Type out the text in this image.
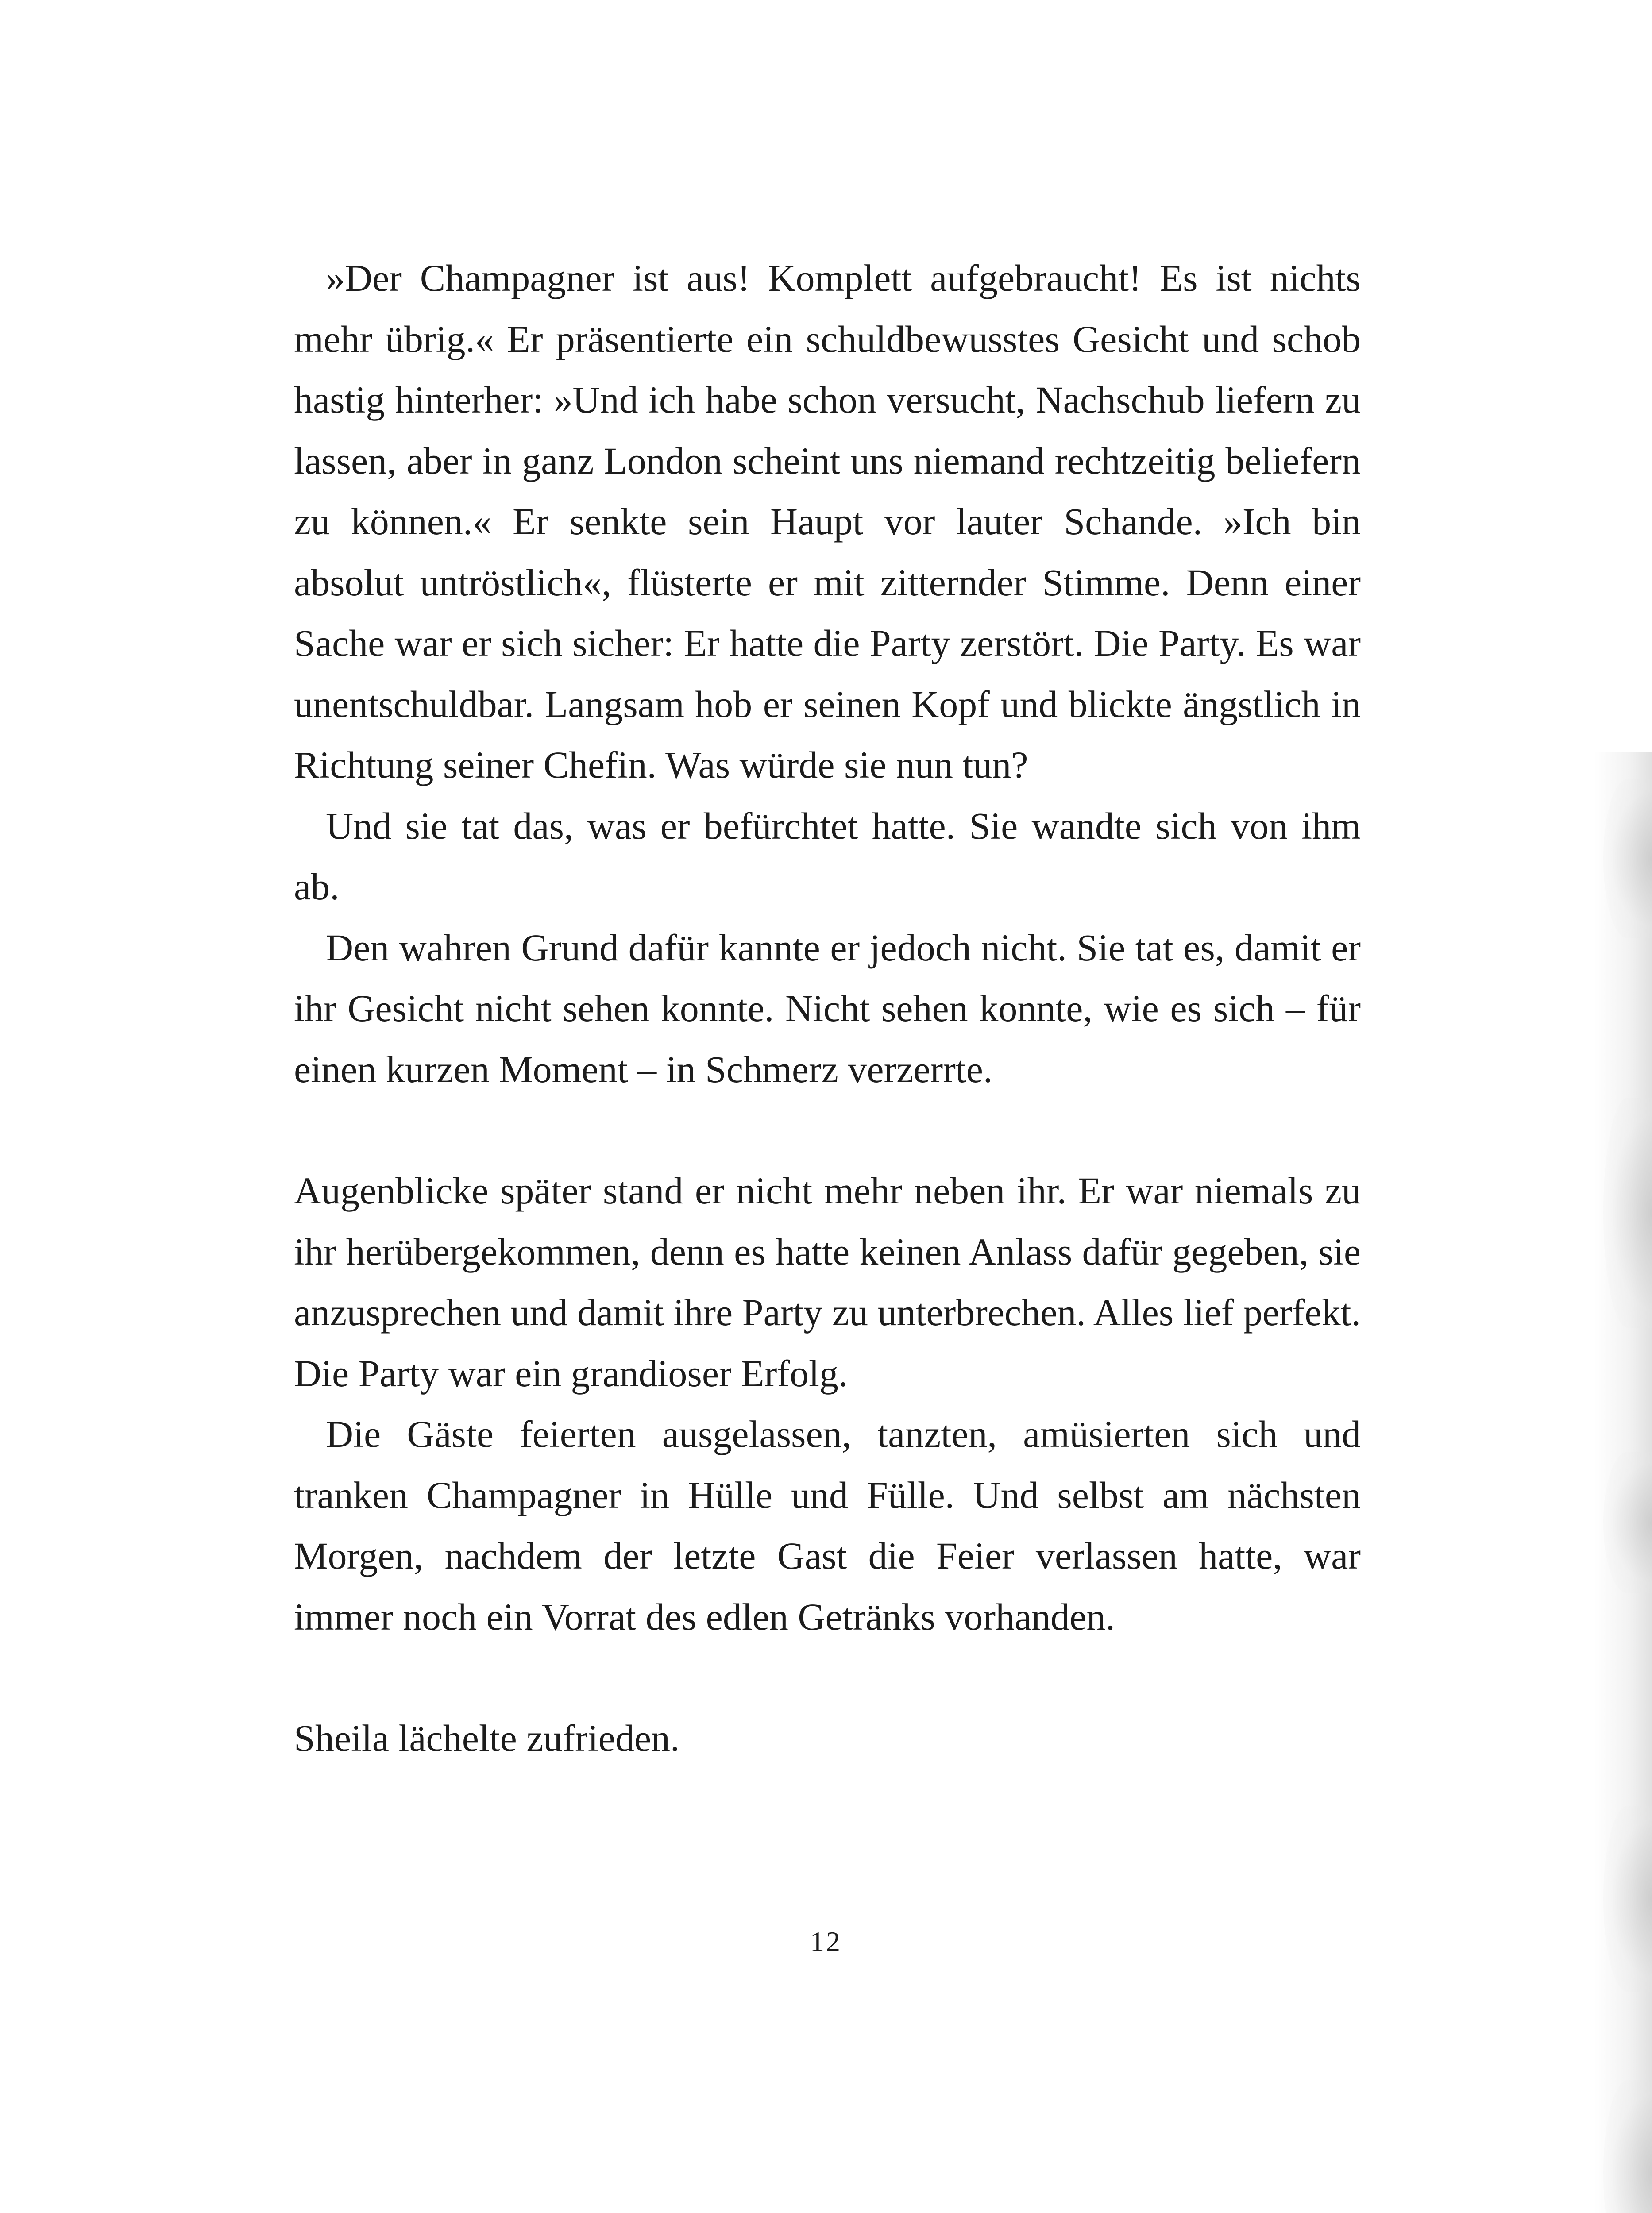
»Der Champagner ist aus! Komplett aufgebraucht! Es ist nichts mehr übrig.« Er präsentierte ein schuldbewusstes Gesicht und schob hastig hinterher: »Und ich habe schon versucht, Nachschub liefern zu lassen, aber in ganz London scheint uns niemand rechtzeitig beliefern zu können.« Er senkte sein Haupt vor lauter Schande. »Ich bin absolut untröstlich«, flüsterte er mit zitternder Stimme. Denn einer Sache war er sich sicher: Er hatte die Party zerstört. Die Party. Es war unentschuldbar. Langsam hob er seinen Kopf und blickte ängstlich in Richtung seiner Chefin. Was würde sie nun tun?

Und sie tat das, was er befürchtet hatte. Sie wandte sich von ihm ab.

Den wahren Grund dafür kannte er jedoch nicht. Sie tat es, damit er ihr Gesicht nicht sehen konnte. Nicht sehen konnte, wie es sich – für einen kurzen Moment – in Schmerz verzerrte.

Augenblicke später stand er nicht mehr neben ihr. Er war niemals zu ihr herübergekommen, denn es hatte keinen Anlass dafür gegeben, sie anzusprechen und damit ihre Party zu unterbrechen. Alles lief perfekt. Die Party war ein grandioser Erfolg.

Die Gäste feierten ausgelassen, tanzten, amüsierten sich und tranken Champagner in Hülle und Fülle. Und selbst am nächsten Morgen, nachdem der letzte Gast die Feier verlassen hatte, war immer noch ein Vorrat des edlen Getränks vorhanden.

Sheila lächelte zufrieden.

12
